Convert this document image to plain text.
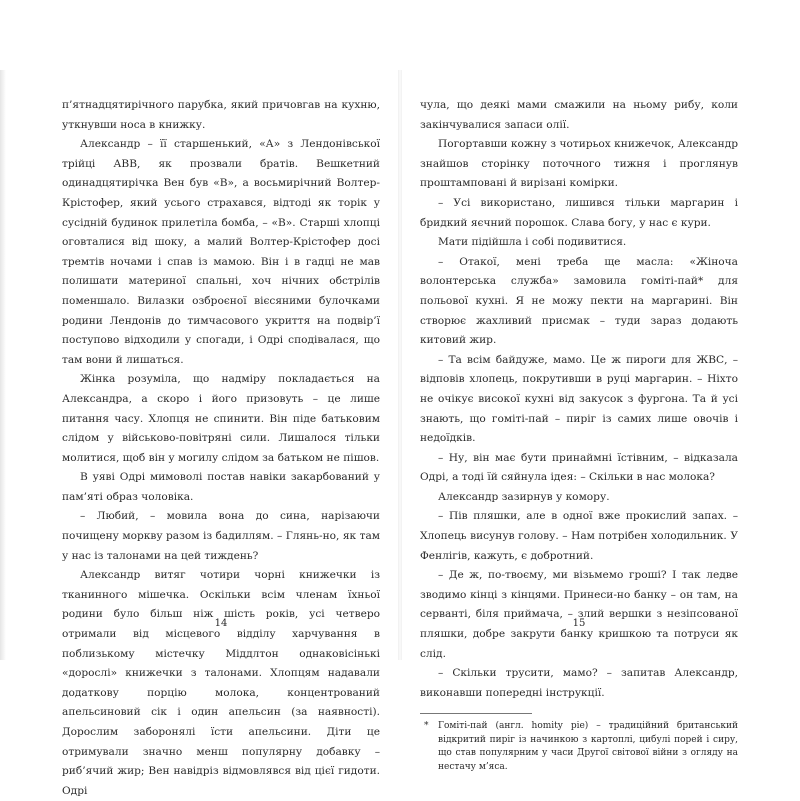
п’ятнадцятирічного парубка, який причовгав на кухню, уткнувши носа в книжку.

Александр – її старшенький, «А» з Лендонівської трійці АВВ, як прозвали братів. Вешкетний одинадцятирічка Вен був «В», а восьмирічний Волтер-Крістофер, який усього страхався, відтоді як торік у сусідній будинок прилетіла бомба, – «В». Старші хлопці оговталися від шоку, а малий Волтер-Крістофер досі тремтів ночами і спав із мамою. Він і в гадці не мав полишати материної спальні, хоч нічних обстрілів поменшало. Вилазки озброєної вієсяними булочками родини Лендонів до тимчасового укриття на подвір’ї поступово відходили у спогади, і Одрі сподівалася, що там вони й лишаться.

Жінка розуміла, що надміру покладається на Александра, а скоро і його призовуть – це лише питання часу. Хлопця не спинити. Він піде батьковим слідом у військово-повітряні сили. Лишалося тільки молитися, щоб він у могилу слідом за батьком не пішов.

В уяві Одрі мимоволі постав навіки закарбований у пам’яті образ чоловіка.

– Любий, – мовила вона до сина, нарізаючи почищену моркву разом із бадиллям. – Глянь-но, як там у нас із талонами на цей тиждень?

Александр витяг чотири чорні книжечки із тканинного мішечка. Оскільки всім членам їхньої родини було більш ніж шість років, усі четверо отримали від місцевого відділу харчування в поблизькому містечку Міддлтон однаковісінькі «дорослі» книжечки з талонами. Хлопцям надавали додаткову порцію молока, концентрований апельсиновий сік і один апельсин (за наявності). Дорослим заборонялі їсти апельсини. Діти це отримували значно менш популярну добавку – риб’ячий жир; Вен навідріз відмовлявся від цієї гидоти. Одрі

14

чула, що деякі мами смажили на ньому рибу, коли закінчувалися запаси олії.

Погортавши кожну з чотирьох книжечок, Александр знайшов сторінку поточного тижня і проглянув проштамповані й вирізані комірки.

– Усі використано, лишився тільки маргарин і бридкий яєчний порошок. Слава богу, у нас є кури.

Мати підійшла і собі подивитися.

– Отакої, мені треба ще масла: «Жіноча волонтерська служба» замовила гоміті-пай* для польової кухні. Я не можу пекти на маргарині. Він створює жахливий присмак – туди зараз додають китовий жир.

– Та всім байдуже, мамо. Це ж пироги для ЖВС, – відповів хлопець, покрутивши в руці маргарин. – Ніхто не очікує високої кухні від закусок з фургона. Та й усі знають, що гоміті-пай – пиріг із самих лише овочів і недоїдків.

– Ну, він має бути принаймні їстівним, – відказала Одрі, а тоді їй сяйнула ідея: – Скільки в нас молока?

Александр зазирнув у комору.

– Пів пляшки, але в одної вже прокислий запах. – Хлопець висунув голову. – Нам потрібен холодильник. У Фенлігів, кажуть, є добротний.

– Де ж, по-твоєму, ми візьмемо гроші? І так ледве зводимо кінці з кінцями. Принеси-но банку – он там, на серванті, біля приймача, – злий вершки з незіпсованої пляшки, добре закрути банку кришкою та потруси як слід.

– Скільки трусити, мамо? – запитав Александр, виконавши попередні інструкції.

* Гоміті-пай (англ. homity pie) – традиційний британський відкритий пиріг із начинкою з картоплі, цибулі порей і сиру, що став популярним у часи Другої світової війни з огляду на нестачу м’яса.

15
